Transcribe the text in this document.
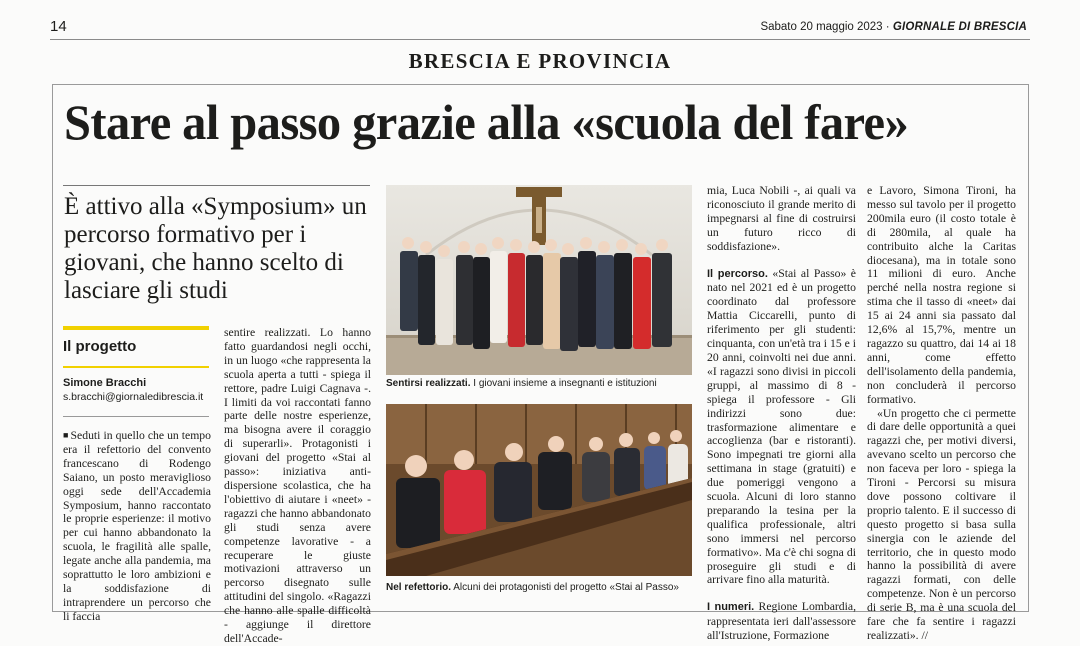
14	Sabato 20 maggio 2023 · GIORNALE DI BRESCIA
BRESCIA E PROVINCIA
Stare al passo grazie alla «scuola del fare»
È attivo alla «Symposium» un percorso formativo per i giovani, che hanno scelto di lasciare gli studi
Il progetto
Simone Bracchi
s.bracchi@giornaledibrescia.it
■ Seduti in quello che un tempo era il refettorio del convento francescano di Rodengo Saiano, un posto meraviglioso oggi sede dell'Accademia Symposium, hanno raccontato le proprie esperienze: il motivo per cui hanno abbandonato la scuola, le fragilità alle spalle, legate anche alla pandemia, ma soprattutto le loro ambizioni e la soddisfazione di intraprendere un percorso che li faccia
sentire realizzati. Lo hanno fatto guardandosi negli occhi, in un luogo «che rappresenta la scuola aperta a tutti - spiega il rettore, padre Luigi Cagnava -. I limiti da voi raccontati fanno parte delle nostre esperienze, ma bisogna avere il coraggio di superarli». Protagonisti i giovani del progetto «Stai al passo»: iniziativa anti-dispersione scolastica, che ha l'obiettivo di aiutare i «neet» - ragazzi che hanno abbandonato gli studi senza avere competenze lavorative - a recuperare le giuste motivazioni attraverso un percorso disegnato sulle attitudini del singolo. «Ragazzi che hanno alle spalle difficoltà - aggiunge il direttore dell'Accade-

mia, Luca Nobili -, ai quali va riconosciuto il grande merito di impegnarsi al fine di costruirsi un futuro ricco di soddisfazione».

Il percorso. «Stai al Passo» è nato nel 2021 ed è un progetto coordinato dal professore Mattia Ciccarelli, punto di riferimento per gli studenti: cinquanta, con un'età tra i 15 e i 20 anni, coinvolti nei due anni. «I ragazzi sono divisi in piccoli gruppi, al massimo di 8 - spiega il professore - Gli indirizzi sono due: trasformazione alimentare e accoglienza (bar e ristoranti). Sono impegnati tre giorni alla settimana in stage (gratuiti) e due pomeriggi vengono a scuola. Alcuni di loro stanno preparando la tesina per la qualifica professionale, altri sono immersi nel percorso formativo». Ma c'è chi sogna di proseguire gli studi e di arrivare fino alla maturità.

I numeri. Regione Lombardia, rappresentata ieri dall'assessore all'Istruzione, Formazione

e Lavoro, Simona Tironi, ha messo sul tavolo per il progetto 200mila euro (il costo totale è di 280mila, al quale ha contribuito alche la Caritas diocesana), ma in totale sono 11 milioni di euro. Anche perché nella nostra regione si stima che il tasso di «neet» dai 15 ai 24 anni sia passato dal 12,6% al 15,7%, mentre un ragazzo su quattro, dai 14 ai 18 anni, come effetto dell'isolamento della pandemia, non concluderà il percorso formativo.

«Un progetto che ci permette di dare delle opportunità a quei ragazzi che, per motivi diversi, avevano scelto un percorso che non faceva per loro - spiega la Tironi - Percorsi su misura dove possono coltivare il proprio talento. E il successo di questo progetto si basa sulla sinergia con le aziende del territorio, che in questo modo hanno la possibilità di avere ragazzi formati, con delle competenze. Non è un percorso di serie B, ma è una scuola del fare che fa sentire i ragazzi realizzati». //

Sentirsi realizzati. I giovani insieme a insegnanti e istituzioni
Nel refettorio. Alcuni dei protagonisti del progetto «Stai al Passo»
